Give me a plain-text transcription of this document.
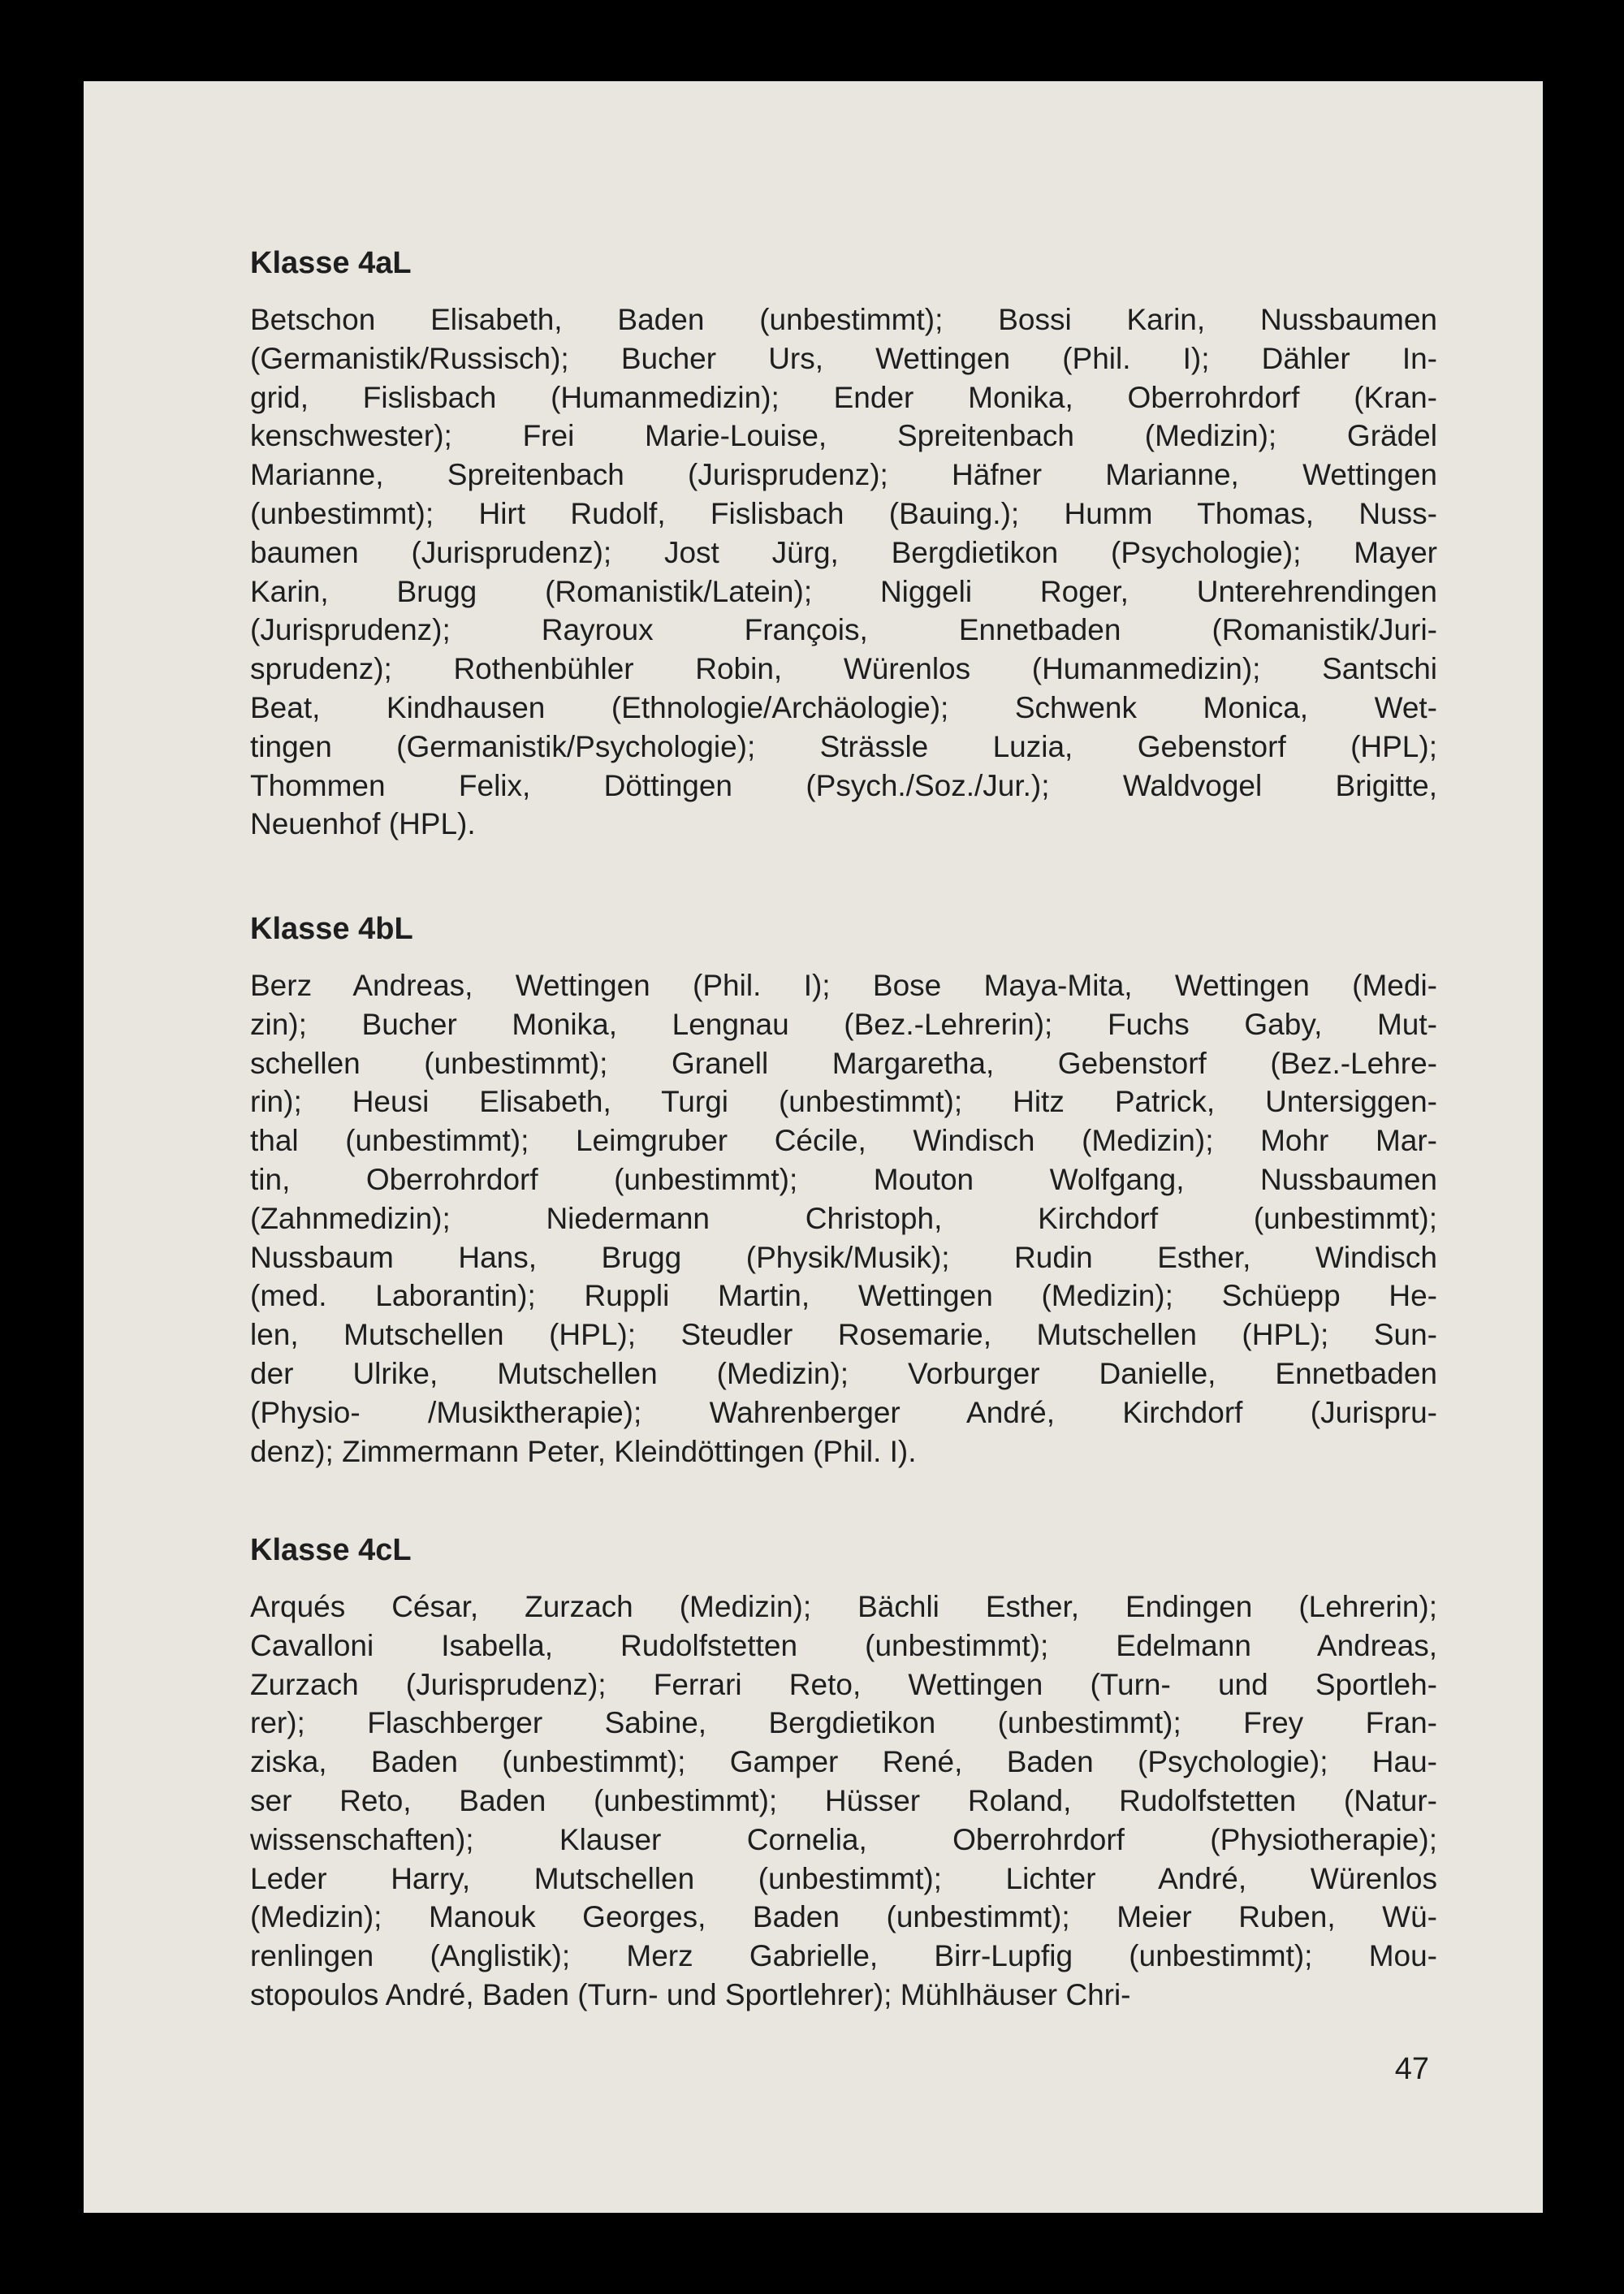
Klasse 4aL
Betschon Elisabeth, Baden (unbestimmt); Bossi Karin, Nussbaumen
(Germanistik/Russisch); Bucher Urs, Wettingen (Phil. I); Dähler In-
grid, Fislisbach (Humanmedizin); Ender Monika, Oberrohrdorf (Kran-
kenschwester); Frei Marie-Louise, Spreitenbach (Medizin); Grädel
Marianne, Spreitenbach (Jurisprudenz); Häfner Marianne, Wettingen
(unbestimmt); Hirt Rudolf, Fislisbach (Bauing.); Humm Thomas, Nuss-
baumen (Jurisprudenz); Jost Jürg, Bergdietikon (Psychologie); Mayer
Karin, Brugg (Romanistik/Latein); Niggeli Roger, Unterehrendingen
(Jurisprudenz); Rayroux François, Ennetbaden (Romanistik/Juri-
sprudenz); Rothenbühler Robin, Würenlos (Humanmedizin); Santschi
Beat, Kindhausen (Ethnologie/Archäologie); Schwenk Monica, Wet-
tingen (Germanistik/Psychologie); Strässle Luzia, Gebenstorf (HPL);
Thommen Felix, Döttingen (Psych./Soz./Jur.); Waldvogel Brigitte,
Neuenhof (HPL).
Klasse 4bL
Berz Andreas, Wettingen (Phil. I); Bose Maya-Mita, Wettingen (Medi-
zin); Bucher Monika, Lengnau (Bez.-Lehrerin); Fuchs Gaby, Mut-
schellen (unbestimmt); Granell Margaretha, Gebenstorf (Bez.-Lehre-
rin); Heusi Elisabeth, Turgi (unbestimmt); Hitz Patrick, Untersiggen-
thal (unbestimmt); Leimgruber Cécile, Windisch (Medizin); Mohr Mar-
tin, Oberrohrdorf (unbestimmt); Mouton Wolfgang, Nussbaumen
(Zahnmedizin); Niedermann Christoph, Kirchdorf (unbestimmt);
Nussbaum Hans, Brugg (Physik/Musik); Rudin Esther, Windisch
(med. Laborantin); Ruppli Martin, Wettingen (Medizin); Schüepp He-
len, Mutschellen (HPL); Steudler Rosemarie, Mutschellen (HPL); Sun-
der Ulrike, Mutschellen (Medizin); Vorburger Danielle, Ennetbaden
(Physio- /Musiktherapie); Wahrenberger André, Kirchdorf (Jurispru-
denz); Zimmermann Peter, Kleindöttingen (Phil. I).
Klasse 4cL
Arqués César, Zurzach (Medizin); Bächli Esther, Endingen (Lehrerin);
Cavalloni Isabella, Rudolfstetten (unbestimmt); Edelmann Andreas,
Zurzach (Jurisprudenz); Ferrari Reto, Wettingen (Turn- und Sportleh-
rer); Flaschberger Sabine, Bergdietikon (unbestimmt); Frey Fran-
ziska, Baden (unbestimmt); Gamper René, Baden (Psychologie); Hau-
ser Reto, Baden (unbestimmt); Hüsser Roland, Rudolfstetten (Natur-
wissenschaften); Klauser Cornelia, Oberrohrdorf (Physiotherapie);
Leder Harry, Mutschellen (unbestimmt); Lichter André, Würenlos
(Medizin); Manouk Georges, Baden (unbestimmt); Meier Ruben, Wü-
renlingen (Anglistik); Merz Gabrielle, Birr-Lupfig (unbestimmt); Mou-
stopoulos André, Baden (Turn- und Sportlehrer); Mühlhäuser Chri-
47
